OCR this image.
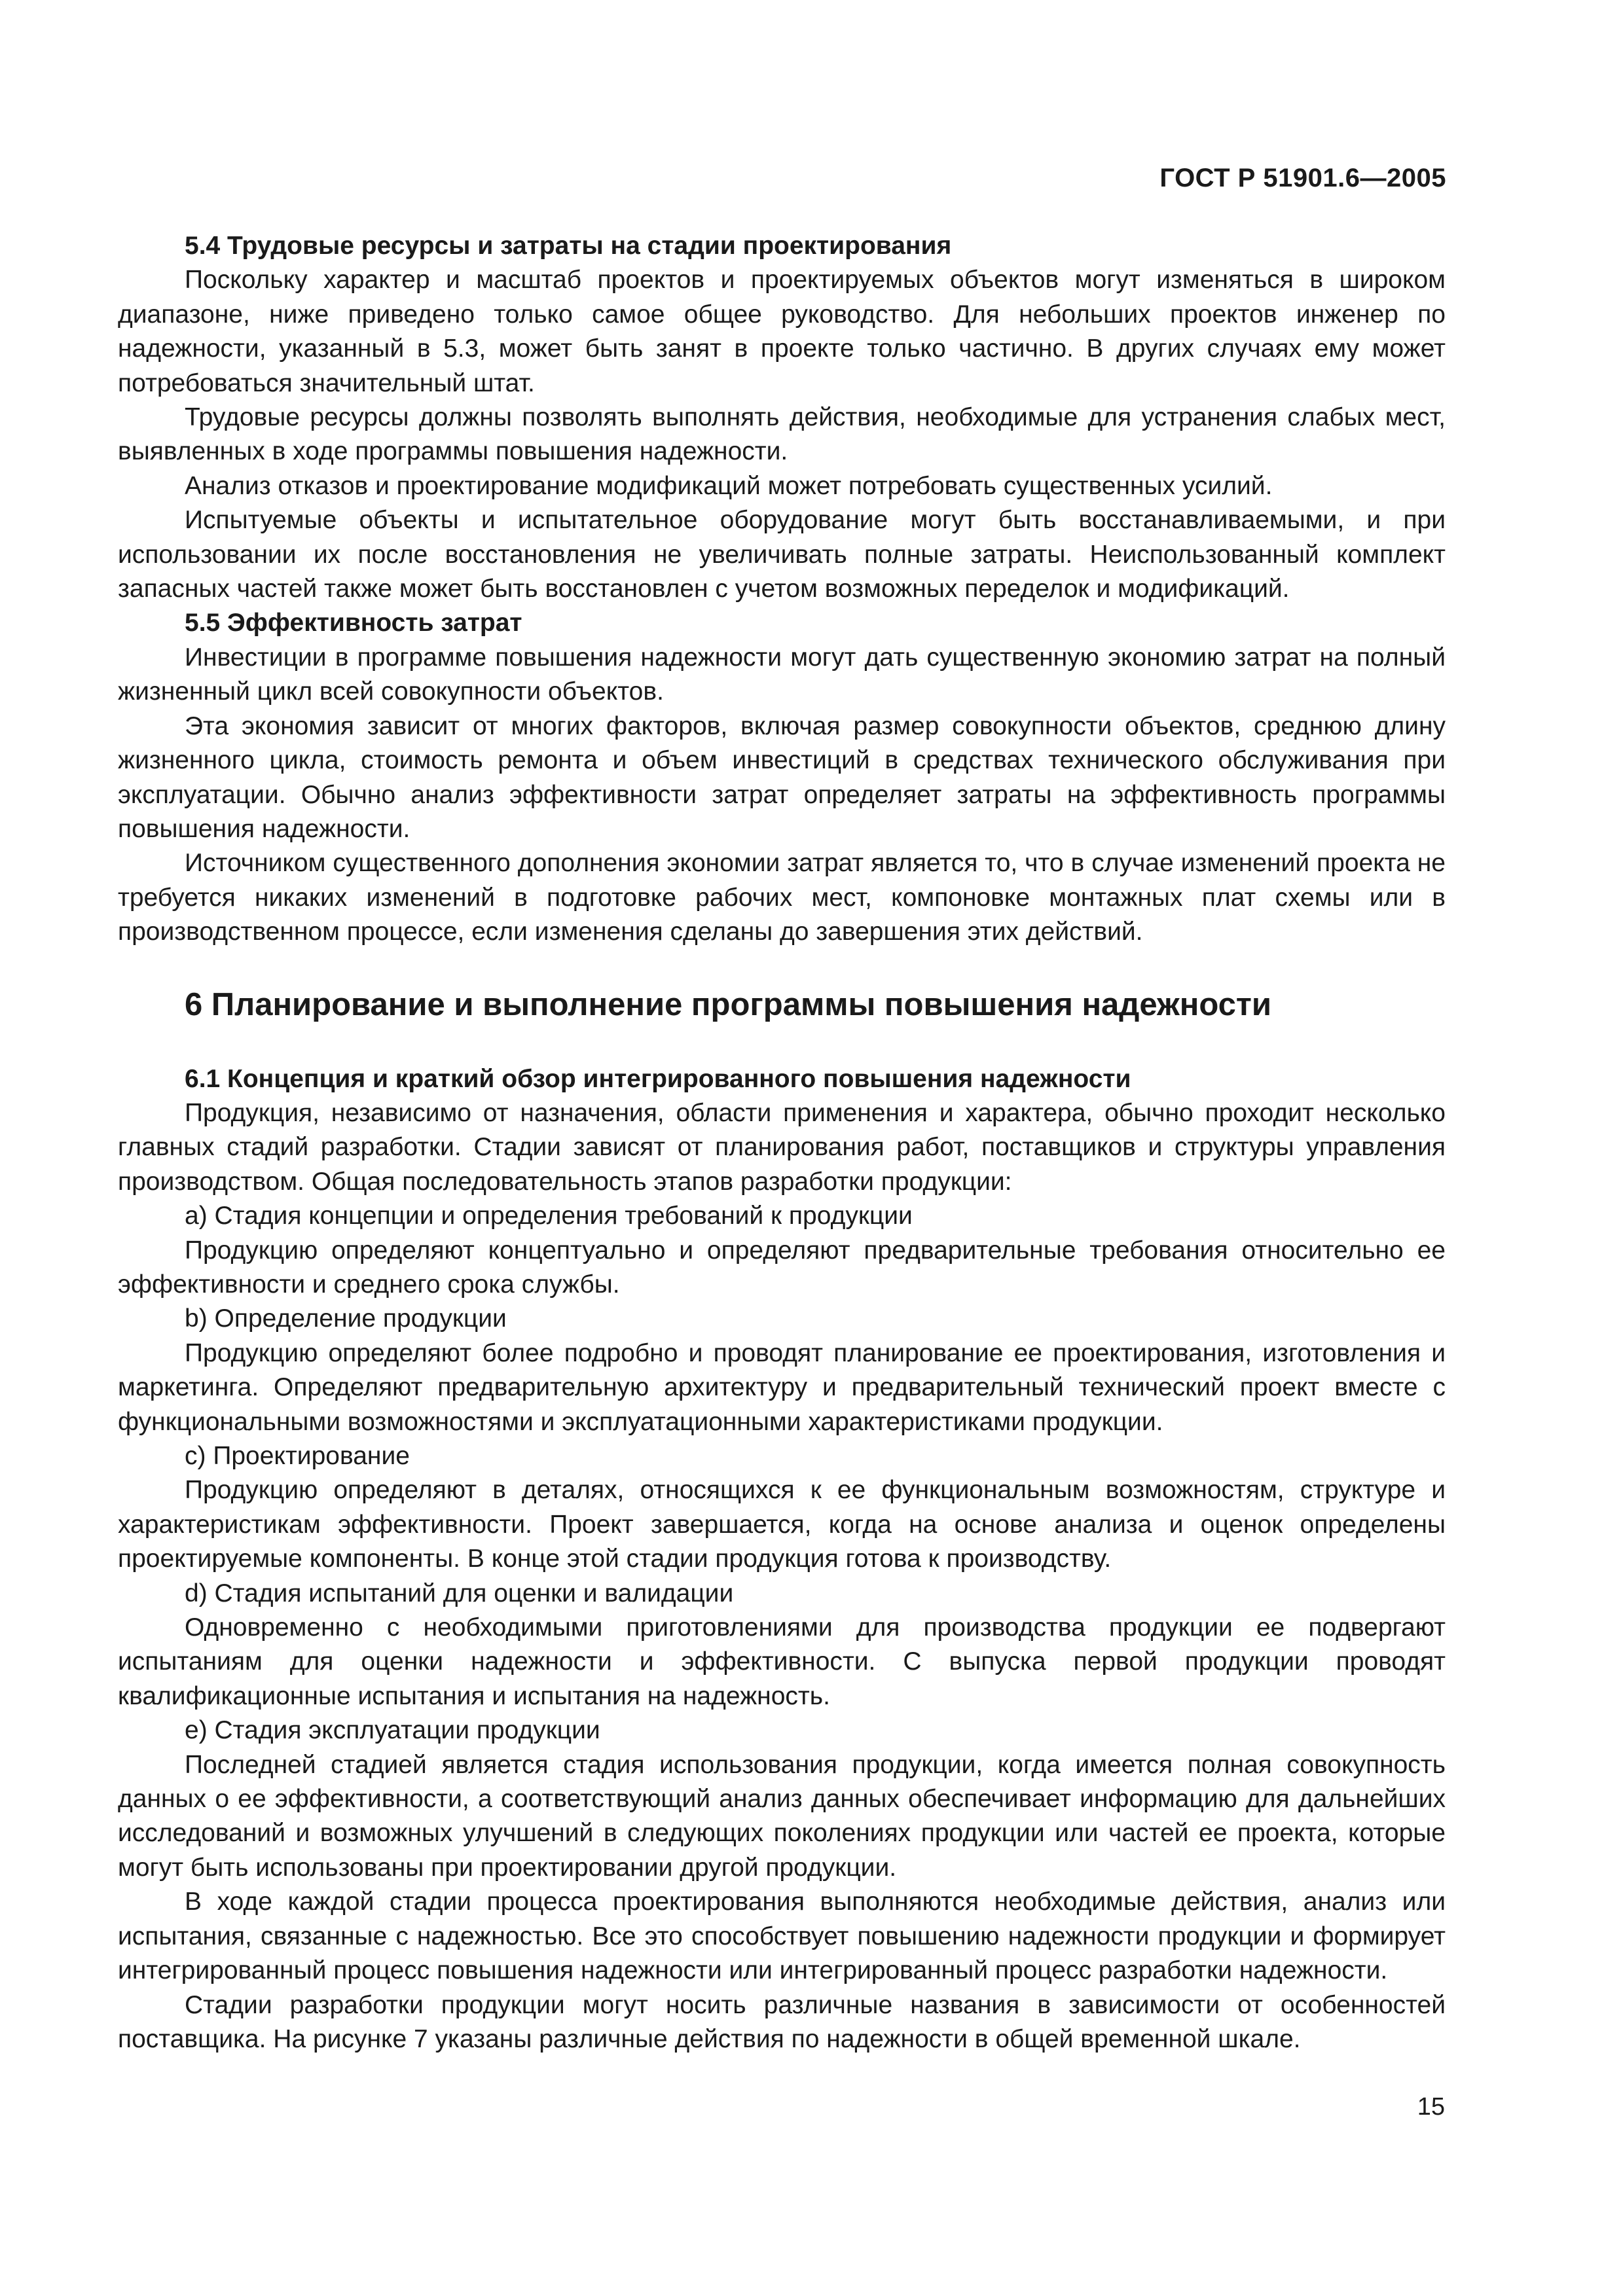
ГОСТ Р 51901.6—2005
5.4 Трудовые ресурсы и затраты на стадии проектирования

Поскольку характер и масштаб проектов и проектируемых объектов могут изменяться в широком диапазоне, ниже приведено только самое общее руководство. Для небольших проектов инженер по надежности, указанный в 5.3, может быть занят в проекте только частично. В других случаях ему может потребоваться значительный штат.

Трудовые ресурсы должны позволять выполнять действия, необходимые для устранения слабых мест, выявленных в ходе программы повышения надежности.

Анализ отказов и проектирование модификаций может потребовать существенных усилий.

Испытуемые объекты и испытательное оборудование могут быть восстанавливаемыми, и при использовании их после восстановления не увеличивать полные затраты. Неиспользованный комплект запасных частей также может быть восстановлен с учетом возможных переделок и модификаций.

5.5 Эффективность затрат

Инвестиции в программе повышения надежности могут дать существенную экономию затрат на полный жизненный цикл всей совокупности объектов.

Эта экономия зависит от многих факторов, включая размер совокупности объектов, среднюю длину жизненного цикла, стоимость ремонта и объем инвестиций в средствах технического обслуживания при эксплуатации. Обычно анализ эффективности затрат определяет затраты на эффективность программы повышения надежности.

Источником существенного дополнения экономии затрат является то, что в случае изменений проекта не требуется никаких изменений в подготовке рабочих мест, компоновке монтажных плат схемы или в производственном процессе, если изменения сделаны до завершения этих действий.

6 Планирование и выполнение программы повышения надежности
6.1 Концепция и краткий обзор интегрированного повышения надежности

Продукция, независимо от назначения, области применения и характера, обычно проходит несколько главных стадий разработки. Стадии зависят от планирования работ, поставщиков и структуры управления производством. Общая последовательность этапов разработки продукции:

a) Стадия концепции и определения требований к продукции

Продукцию определяют концептуально и определяют предварительные требования относительно ее эффективности и среднего срока службы.

b) Определение продукции

Продукцию определяют более подробно и проводят планирование ее проектирования, изготовления и маркетинга. Определяют предварительную архитектуру и предварительный технический проект вместе с функциональными возможностями и эксплуатационными характеристиками продукции.

c) Проектирование

Продукцию определяют в деталях, относящихся к ее функциональным возможностям, структуре и характеристикам эффективности. Проект завершается, когда на основе анализа и оценок определены проектируемые компоненты. В конце этой стадии продукция готова к производству.

d) Стадия испытаний для оценки и валидации

Одновременно с необходимыми приготовлениями для производства продукции ее подвергают испытаниям для оценки надежности и эффективности. С выпуска первой продукции проводят квалификационные испытания и испытания на надежность.

e) Стадия эксплуатации продукции

Последней стадией является стадия использования продукции, когда имеется полная совокупность данных о ее эффективности, а соответствующий анализ данных обеспечивает информацию для дальнейших исследований и возможных улучшений в следующих поколениях продукции или частей ее проекта, которые могут быть использованы при проектировании другой продукции.

В ходе каждой стадии процесса проектирования выполняются необходимые действия, анализ или испытания, связанные с надежностью. Все это способствует повышению надежности продукции и формирует интегрированный процесс повышения надежности или интегрированный процесс разработки надежности.

Стадии разработки продукции могут носить различные названия в зависимости от особенностей поставщика. На рисунке 7 указаны различные действия по надежности в общей временной шкале.

15
